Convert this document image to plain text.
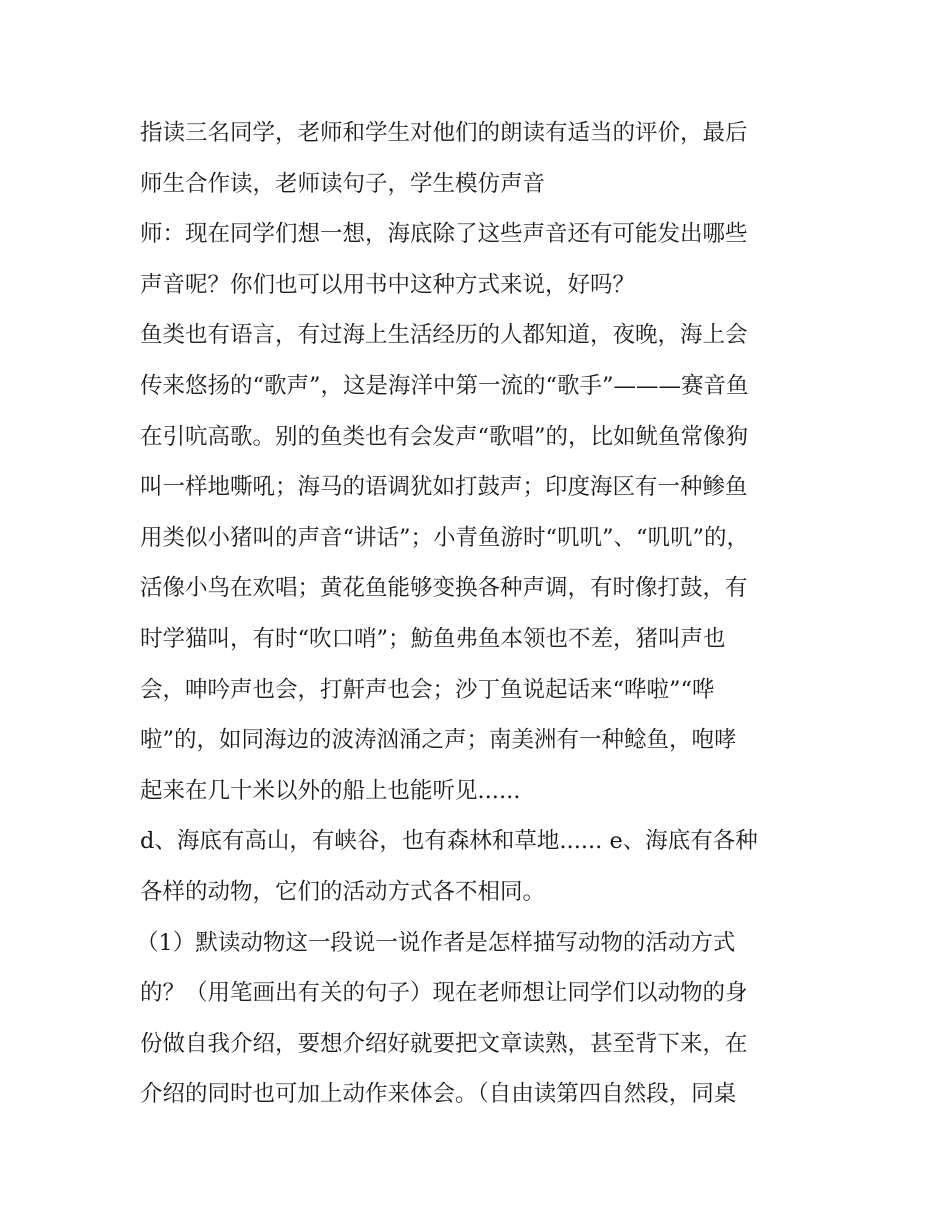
指读三名同学，老师和学生对他们的朗读有适当的评价，最后
师生合作读，老师读句子，学生模仿声音
师：现在同学们想一想，海底除了这些声音还有可能发出哪些
声音呢？你们也可以用书中这种方式来说，好吗？
鱼类也有语言，有过海上生活经历的人都知道，夜晚，海上会
传来悠扬的“歌声”，这是海洋中第一流的“歌手”———赛音鱼
在引吭高歌。别的鱼类也有会发声“歌唱”的，比如鱿鱼常像狗
叫一样地嘶吼；海马的语调犹如打鼓声；印度海区有一种鲹鱼
用类似小猪叫的声音“讲话”；小青鱼游时“叽叽”、“叽叽”的，
活像小鸟在欢唱；黄花鱼能够变换各种声调，有时像打鼓，有
时学猫叫，有时“吹口哨”；魴鱼弗鱼本领也不差，猪叫声也
会，呻吟声也会，打鼾声也会；沙丁鱼说起话来“哗啦”“哗
啦”的，如同海边的波涛汹涌之声；南美洲有一种鲶鱼，咆哮
起来在几十米以外的船上也能听见......
d、海底有高山，有峡谷，也有森林和草地...... e、海底有各种
各样的动物，它们的活动方式各不相同。
（1）默读动物这一段说一说作者是怎样描写动物的活动方式
的？（用笔画出有关的句子）现在老师想让同学们以动物的身
份做自我介绍，要想介绍好就要把文章读熟，甚至背下来，在
介绍的同时也可加上动作来体会。（自由读第四自然段，同桌
